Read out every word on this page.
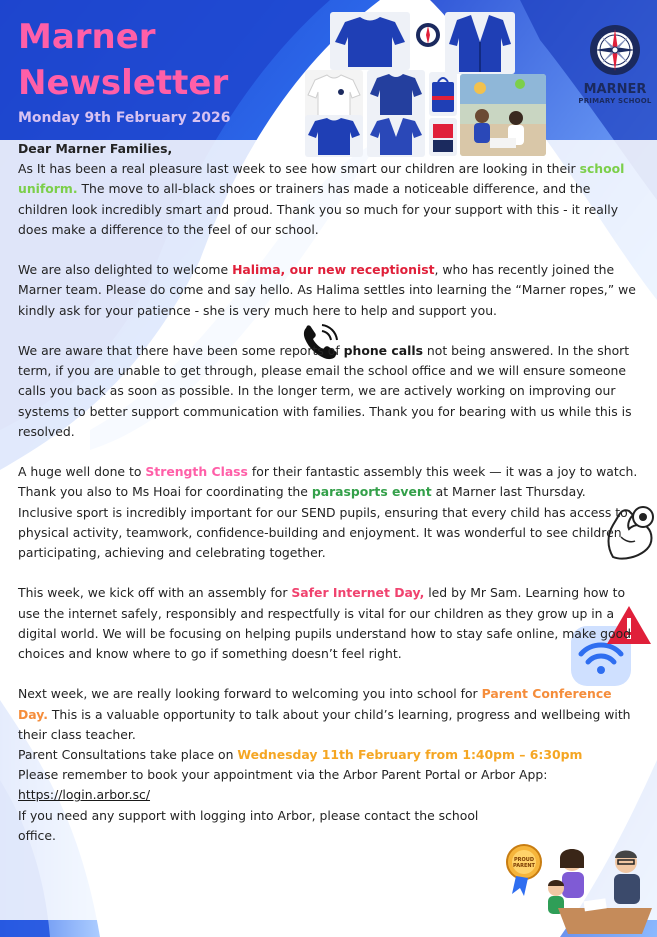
Marner
Newsletter
Monday 9th February 2026
MARNER
PRIMARY SCHOOL
PROUD
PARENT

Dear Marner Families,

As It has been a real pleasure last week to see how smart our children are looking in their school uniform. The move to all-black shoes or trainers has made a noticeable difference, and the children look incredibly smart and proud. Thank you so much for your support with this - it really does make a difference to the feel of our school.

We are also delighted to welcome Halima, our new receptionist, who has recently joined the Marner team. Please do come and say hello. As Halima settles into learning the “Marner ropes,” we kindly ask for your patience - she is very much here to help and support you.

We are aware that there have been some reports of phone calls not being answered. In the short term, if you are unable to get through, please email the school office and we will ensure someone calls you back as soon as possible. In the longer term, we are actively working on improving our systems to better support communication with families. Thank you for bearing with us while this is resolved.

A huge well done to Strength Class for their fantastic assembly this week — it was a joy to watch. Thank you also to Ms Hoai for coordinating the parasports event at Marner last Thursday. Inclusive sport is incredibly important for our SEND pupils, ensuring that every child has access to physical activity, teamwork, confidence-building and enjoyment. It was wonderful to see children participating, achieving and celebrating together.

This week, we kick off with an assembly for Safer Internet Day, led by Mr Sam. Learning how to use the internet safely, responsibly and respectfully is vital for our children as they grow up in a digital world. We will be focusing on helping pupils understand how to stay safe online, make good choices and know where to go if something doesn’t feel right.

Next week, we are really looking forward to welcoming you into school for Parent Conference Day. This is a valuable opportunity to talk about your child’s learning, progress and wellbeing with their class teacher.

Parent Consultations take place on Wednesday 11th February from 1:40pm – 6:30pm

Please remember to book your appointment via the Arbor Parent Portal or Arbor App:

https://login.arbor.sc/

If you need any support with logging into Arbor, please contact the school office.
